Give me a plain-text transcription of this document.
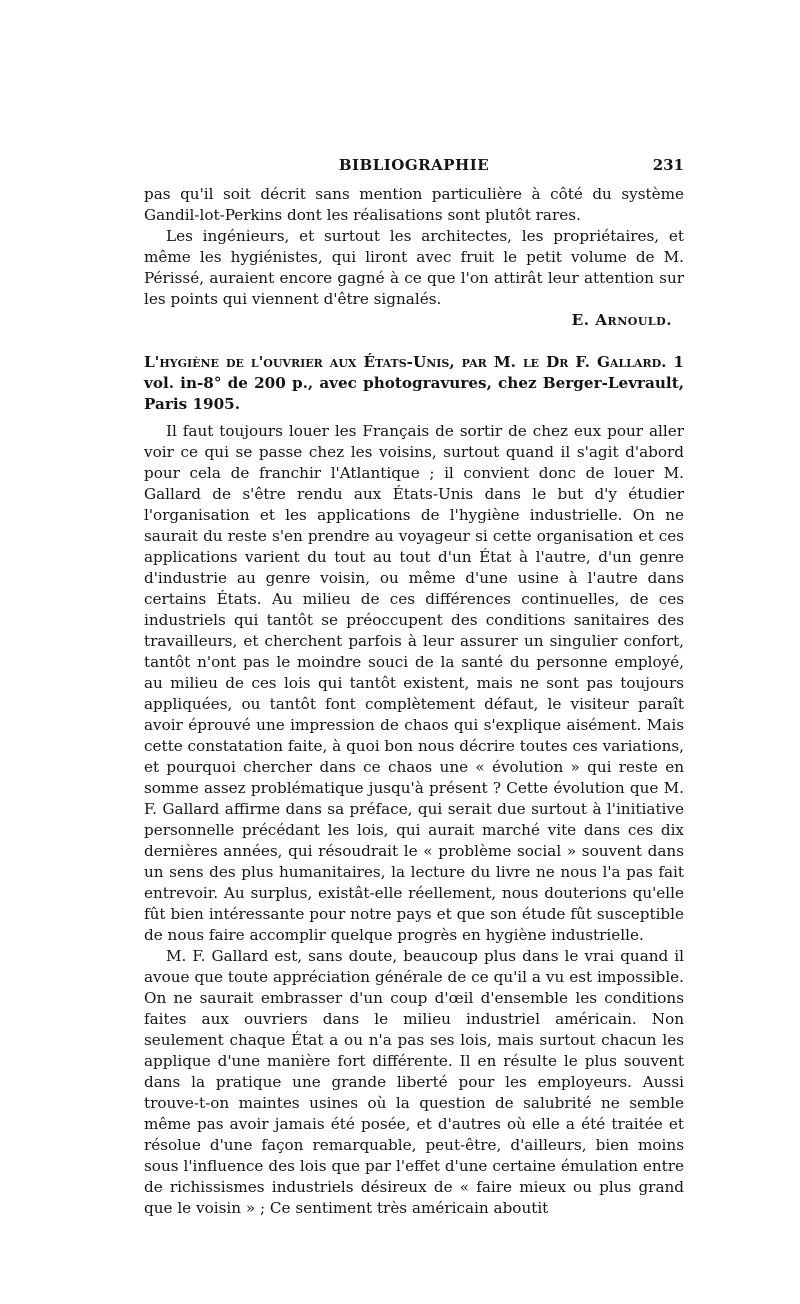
BIBLIOGRAPHIE	231

pas qu'il soit décrit sans mention particulière à côté du système Gandil-lot-Perkins dont les réalisations sont plutôt rares.

Les ingénieurs, et surtout les architectes, les propriétaires, et même les hygiénistes, qui liront avec fruit le petit volume de M. Périssé, auraient encore gagné à ce que l'on attirât leur attention sur les points qui viennent d'être signalés.

E. Arnould.

L'hygiène de l'ouvrier aux États-Unis, par M. le Dr F. Gallard. 1 vol. in-8° de 200 p., avec photogravures, chez Berger-Levrault, Paris 1905.

Il faut toujours louer les Français de sortir de chez eux pour aller voir ce qui se passe chez les voisins, surtout quand il s'agit d'abord pour cela de franchir l'Atlantique ; il convient donc de louer M. Gallard de s'être rendu aux États-Unis dans le but d'y étudier l'organisation et les applications de l'hygiène industrielle. On ne saurait du reste s'en prendre au voyageur si cette organisation et ces applications varient du tout au tout d'un État à l'autre, d'un genre d'industrie au genre voisin, ou même d'une usine à l'autre dans certains États. Au milieu de ces différences continuelles, de ces industriels qui tantôt se préoccupent des conditions sanitaires des travailleurs, et cherchent parfois à leur assurer un singulier confort, tantôt n'ont pas le moindre souci de la santé du personne employé, au milieu de ces lois qui tantôt existent, mais ne sont pas toujours appliquées, ou tantôt font complètement défaut, le visiteur paraît avoir éprouvé une impression de chaos qui s'explique aisément. Mais cette constatation faite, à quoi bon nous décrire toutes ces variations, et pourquoi chercher dans ce chaos une « évolution » qui reste en somme assez problématique jusqu'à présent ? Cette évolution que M. F. Gallard affirme dans sa préface, qui serait due surtout à l'initiative personnelle précédant les lois, qui aurait marché vite dans ces dix dernières années, qui résoudrait le « problème social » souvent dans un sens des plus humanitaires, la lecture du livre ne nous l'a pas fait entrevoir. Au surplus, existât-elle réellement, nous douterions qu'elle fût bien intéressante pour notre pays et que son étude fût susceptible de nous faire accomplir quelque progrès en hygiène industrielle.

M. F. Gallard est, sans doute, beaucoup plus dans le vrai quand il avoue que toute appréciation générale de ce qu'il a vu est impossible. On ne saurait embrasser d'un coup d'œil d'ensemble les conditions faites aux ouvriers dans le milieu industriel américain. Non seulement chaque État a ou n'a pas ses lois, mais surtout chacun les applique d'une manière fort différente. Il en résulte le plus souvent dans la pratique une grande liberté pour les employeurs. Aussi trouve-t-on maintes usines où la question de salubrité ne semble même pas avoir jamais été posée, et d'autres où elle a été traitée et résolue d'une façon remarquable, peut-être, d'ailleurs, bien moins sous l'influence des lois que par l'effet d'une certaine émulation entre de richissismes industriels désireux de « faire mieux ou plus grand que le voisin » ; Ce sentiment très américain aboutit
